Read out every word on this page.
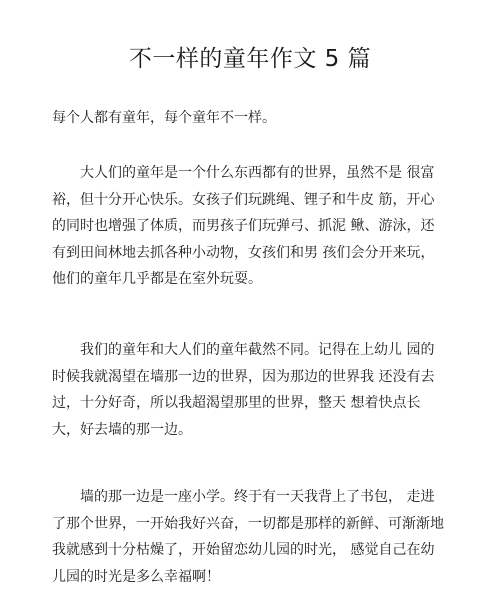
不一样的童年作文 5 篇

每个人都有童年，每个童年不一样。

大人们的童年是一个什么东西都有的世界，虽然不是 很富裕，但十分开心快乐。女孩子们玩跳绳、锂子和牛皮 筋，开心的同时也增强了体质，而男孩子们玩弹弓、抓泥 鳅、游泳，还有到田间林地去抓各种小动物，女孩们和男 孩们会分开来玩，他们的童年几乎都是在室外玩耍。

我们的童年和大人们的童年截然不同。记得在上幼儿 园的时候我就渴望在墙那一边的世界，因为那边的世界我 还没有去过，十分好奇，所以我超渴望那里的世界，整天 想着快点长大，好去墙的那一边。

墙的那一边是一座小学。终于有一天我背上了书包， 走进了那个世界，一开始我好兴奋，一切都是那样的新鲜、可渐渐地我就感到十分枯燥了，开始留恋幼儿园的时光， 感觉自己在幼儿园的时光是多么幸福啊！
